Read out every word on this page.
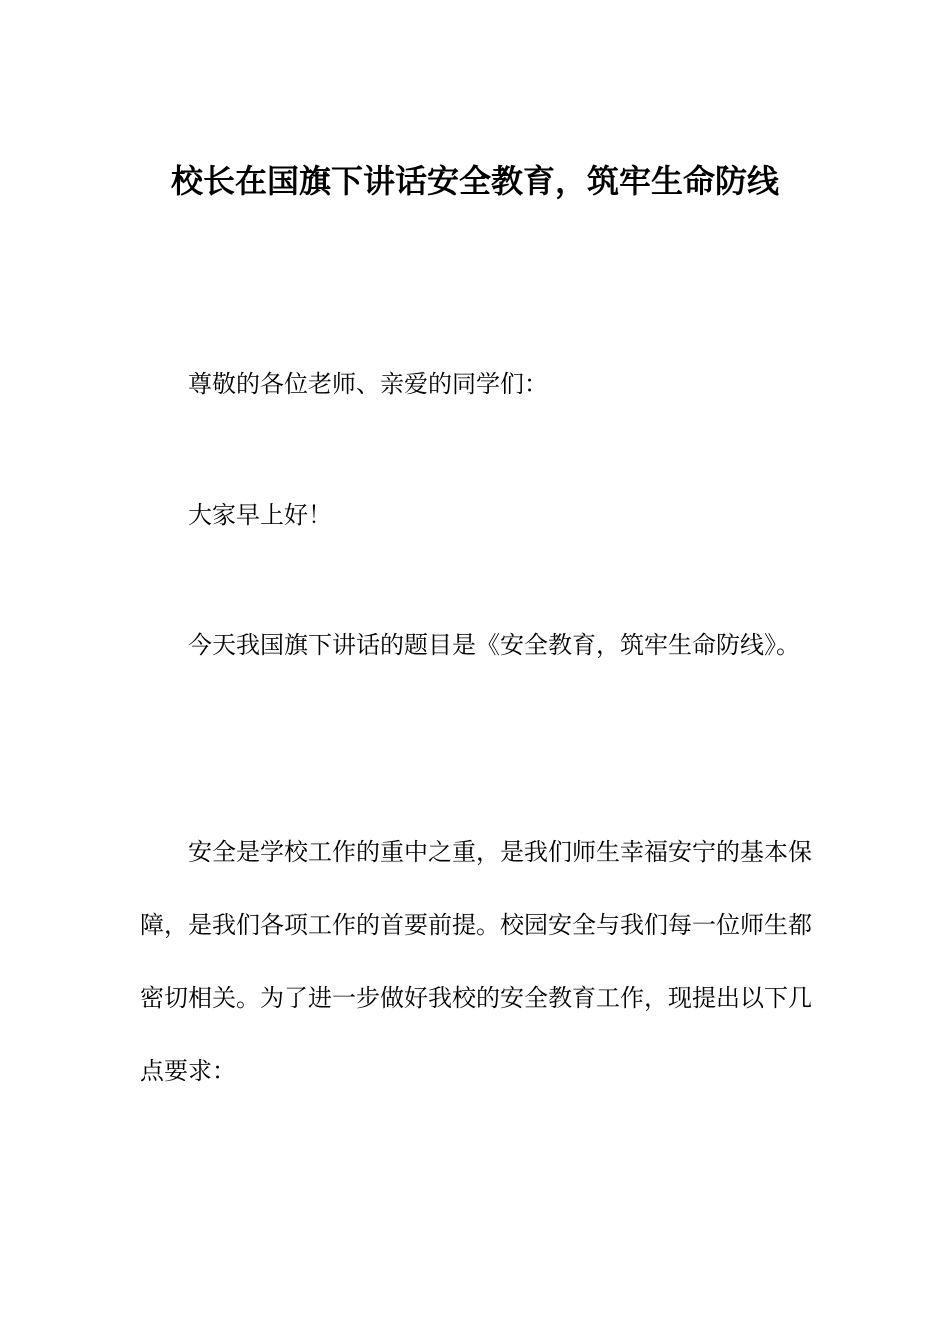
校长在国旗下讲话安全教育，筑牢生命防线

尊敬的各位老师、亲爱的同学们：

大家早上好！

今天我国旗下讲话的题目是《安全教育，筑牢生命防线》。

安全是学校工作的重中之重，是我们师生幸福安宁的基本保障，是我们各项工作的首要前提。校园安全与我们每一位师生都密切相关。为了进一步做好我校的安全教育工作，现提出以下几点要求：
